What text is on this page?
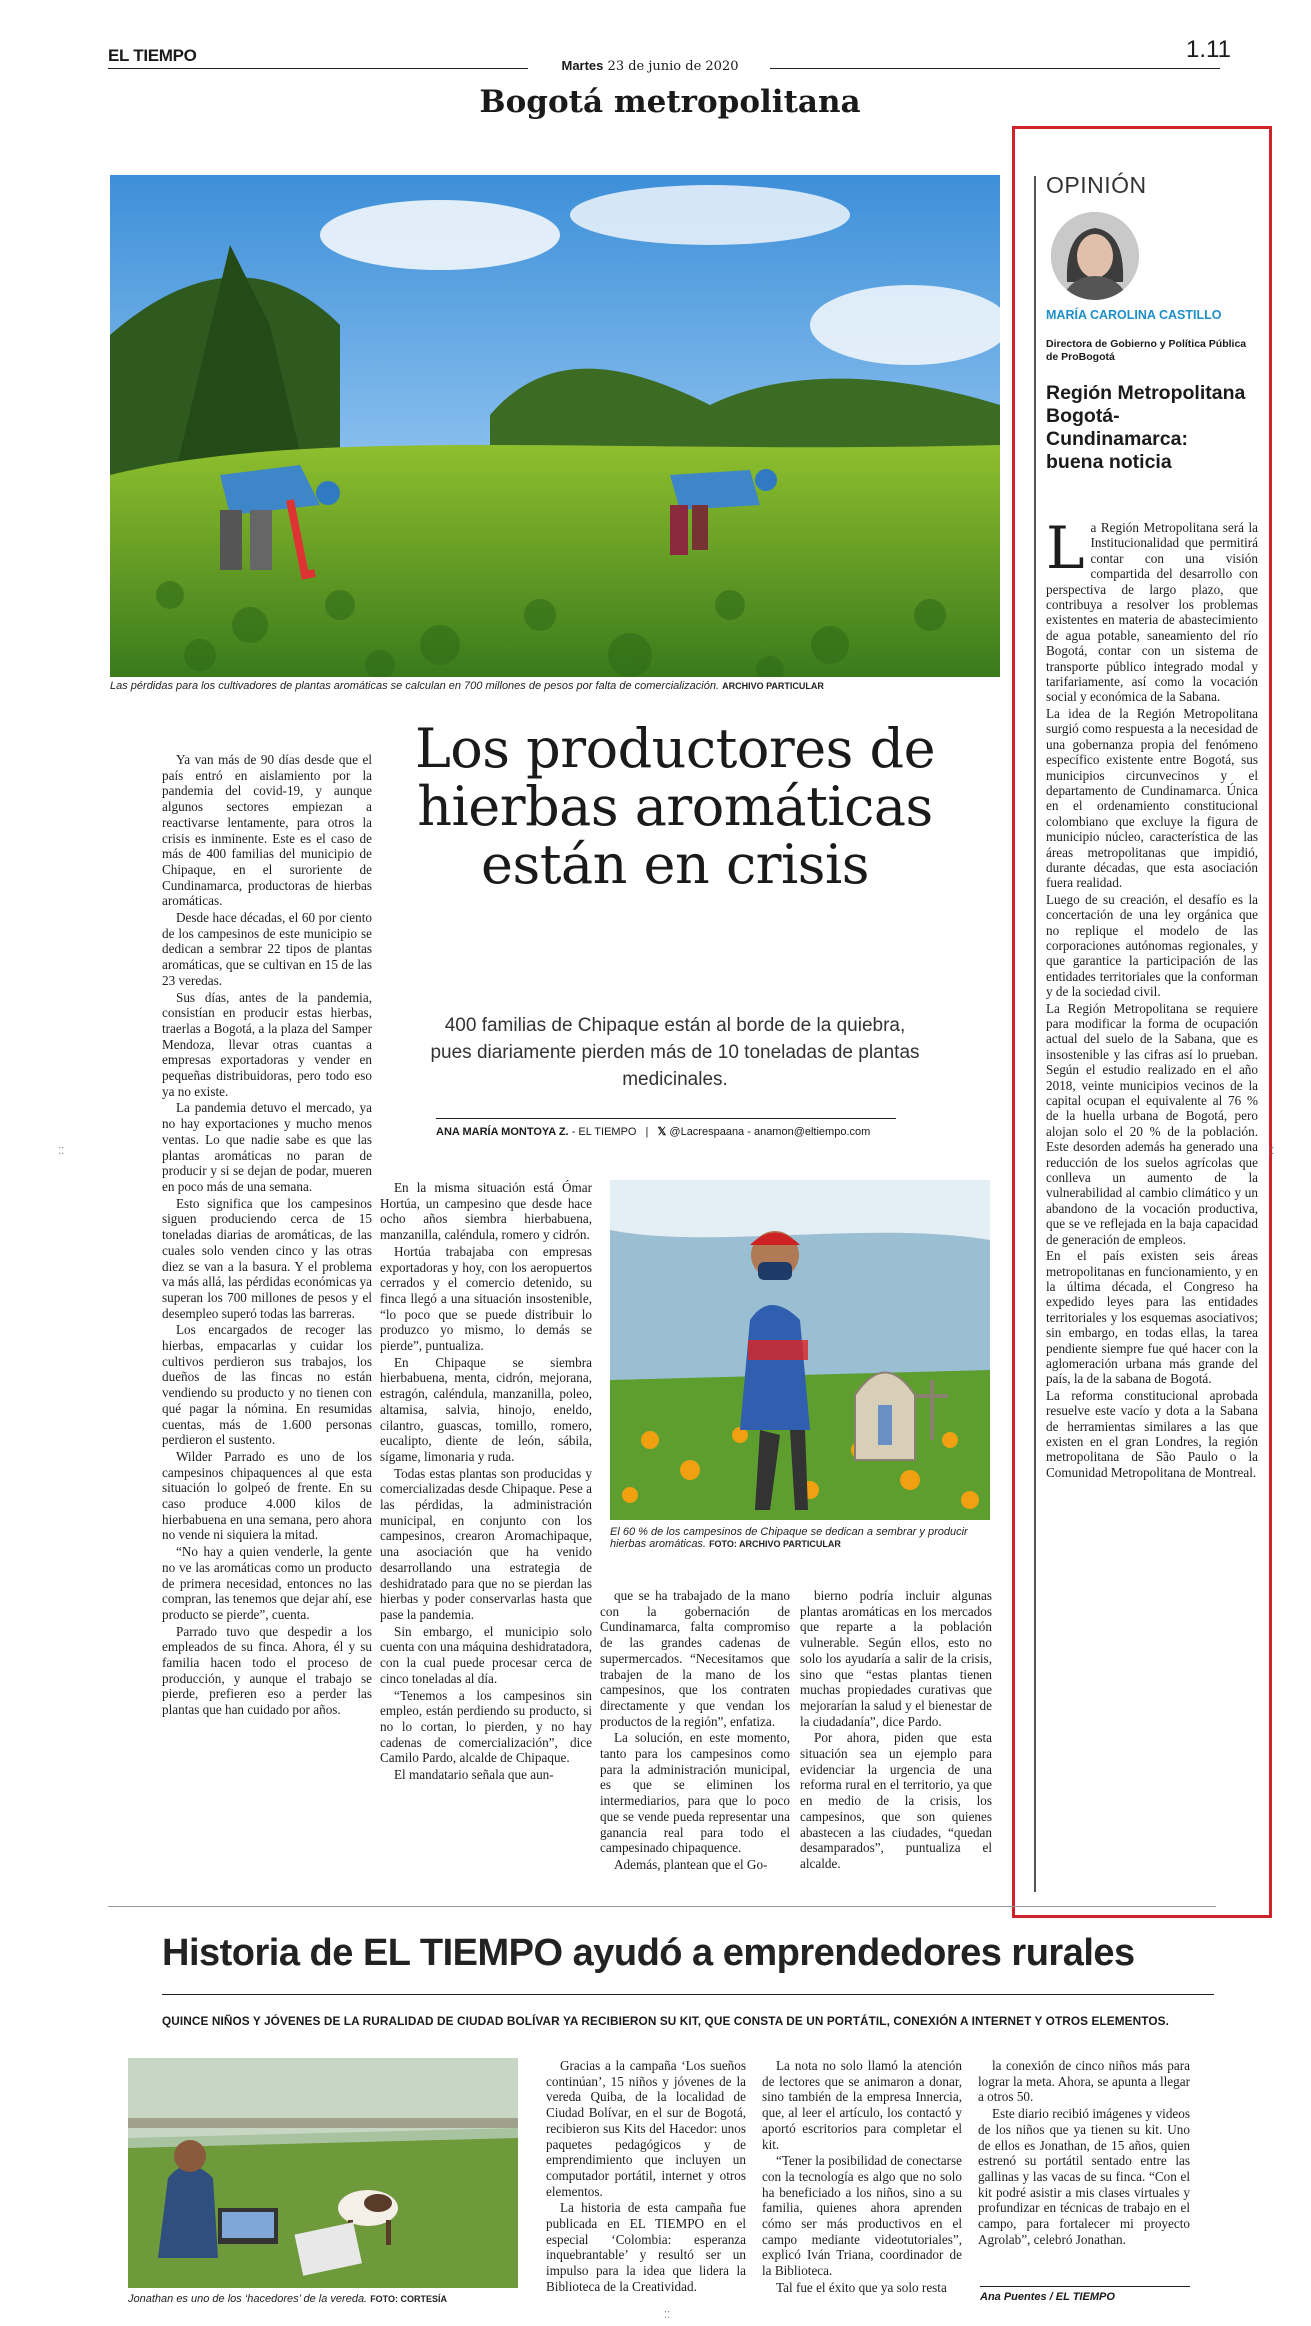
EL TIEMPO
Martes 23 de junio de 2020
1.11
Bogotá metropolitana
Las pérdidas para los cultivadores de plantas aromáticas se calculan en 700 millones de pesos por falta de comercialización. ARCHIVO PARTICULAR
Los productores de hierbas aromáticas están en crisis
400 familias de Chipaque están al borde de la quiebra, pues diariamente pierden más de 10 toneladas de plantas medicinales.
ANA MARÍA MONTOYA Z. - EL TIEMPO | 𝕏 @Lacrespaana - anamon@eltiempo.com
El 60 % de los campesinos de Chipaque se dedican a sembrar y producir hierbas aromáticas. FOTO: ARCHIVO PARTICULAR

Ya van más de 90 días desde que el país entró en aislamiento por la pandemia del covid-19, y aunque algunos sectores empiezan a reactivarse lentamente, para otros la crisis es inminente. Este es el caso de más de 400 familias del municipio de Chipaque, en el suroriente de Cundinamarca, productoras de hierbas aromáticas.

Desde hace décadas, el 60 por ciento de los campesinos de este municipio se dedican a sembrar 22 tipos de plantas aromáticas, que se cultivan en 15 de las 23 veredas.

Sus días, antes de la pandemia, consistían en producir estas hierbas, traerlas a Bogotá, a la plaza del Samper Mendoza, llevar otras cuantas a empresas exportadoras y vender en pequeñas distribuidoras, pero todo eso ya no existe.

La pandemia detuvo el mercado, ya no hay exportaciones y mucho menos ventas. Lo que nadie sabe es que las plantas aromáticas no paran de producir y si se dejan de podar, mueren en poco más de una semana.

Esto significa que los campesinos siguen produciendo cerca de 15 toneladas diarias de aromáticas, de las cuales solo venden cinco y las otras diez se van a la basura. Y el problema va más allá, las pérdidas económicas ya superan los 700 millones de pesos y el desempleo superó todas las barreras.

Los encargados de recoger las hierbas, empacarlas y cuidar los cultivos perdieron sus trabajos, los dueños de las fincas no están vendiendo su producto y no tienen con qué pagar la nómina. En resumidas cuentas, más de 1.600 personas perdieron el sustento.

Wilder Parrado es uno de los campesinos chipaquences al que esta situación lo golpeó de frente. En su caso produce 4.000 kilos de hierbabuena en una semana, pero ahora no vende ni siquiera la mitad.

“No hay a quien venderle, la gente no ve las aromáticas como un producto de primera necesidad, entonces no las compran, las tenemos que dejar ahí, ese producto se pierde”, cuenta.

Parrado tuvo que despedir a los empleados de su finca. Ahora, él y su familia hacen todo el proceso de producción, y aunque el trabajo se pierde, prefieren eso a perder las plantas que han cuidado por años.

En la misma situación está Ómar Hortúa, un campesino que desde hace ocho años siembra hierbabuena, manzanilla, caléndula, romero y cidrón.

Hortúa trabajaba con empresas exportadoras y hoy, con los aeropuertos cerrados y el comercio detenido, su finca llegó a una situación insostenible, “lo poco que se puede distribuir lo produzco yo mismo, lo demás se pierde”, puntualiza.

En Chipaque se siembra hierbabuena, menta, cidrón, mejorana, estragón, caléndula, manzanilla, poleo, altamisa, salvia, hinojo, eneldo, cilantro, guascas, tomillo, romero, eucalipto, diente de león, sábila, sígame, limonaria y ruda.

Todas estas plantas son producidas y comercializadas desde Chipaque. Pese a las pérdidas, la administración municipal, en conjunto con los campesinos, crearon Aromachipaque, una asociación que ha venido desarrollando una estrategia de deshidratado para que no se pierdan las hierbas y poder conservarlas hasta que pase la pandemia.

Sin embargo, el municipio solo cuenta con una máquina deshidratadora, con la cual puede procesar cerca de cinco toneladas al día.

“Tenemos a los campesinos sin empleo, están perdiendo su producto, si no lo cortan, lo pierden, y no hay cadenas de comercialización”, dice Camilo Pardo, alcalde de Chipaque.

El mandatario señala que aun-

que se ha trabajado de la mano con la gobernación de Cundinamarca, falta compromiso de las grandes cadenas de supermercados. “Necesitamos que trabajen de la mano de los campesinos, que los contraten directamente y que vendan los productos de la región”, enfatiza.

La solución, en este momento, tanto para los campesinos como para la administración municipal, es que se eliminen los intermediarios, para que lo poco que se vende pueda representar una ganancia real para todo el campesinado chipaquence.

Además, plantean que el Go-

bierno podría incluir algunas plantas aromáticas en los mercados que reparte a la población vulnerable. Según ellos, esto no solo los ayudaría a salir de la crisis, sino que “estas plantas tienen muchas propiedades curativas que mejorarían la salud y el bienestar de la ciudadanía”, dice Pardo.

Por ahora, piden que esta situación sea un ejemplo para evidenciar la urgencia de una reforma rural en el territorio, ya que en medio de la crisis, los campesinos, que son quienes abastecen a las ciudades, “quedan desamparados”, puntualiza el alcalde.

OPINIÓN
MARÍA CAROLINA CASTILLO
Directora de Gobierno y Política Pública de ProBogotá
Región Metropolitana Bogotá-Cundinamarca: buena noticia

La Región Metropolitana será la Institucionalidad que permitirá contar con una visión compartida del desarrollo con perspectiva de largo plazo, que contribuya a resolver los problemas existentes en materia de abastecimiento de agua potable, saneamiento del río Bogotá, contar con un sistema de transporte público integrado modal y tarifariamente, así como la vocación social y económica de la Sabana.

La idea de la Región Metropolitana surgió como respuesta a la necesidad de una gobernanza propia del fenómeno específico existente entre Bogotá, sus municipios circunvecinos y el departamento de Cundinamarca. Única en el ordenamiento constitucional colombiano que excluye la figura de municipio núcleo, característica de las áreas metropolitanas que impidió, durante décadas, que esta asociación fuera realidad.

Luego de su creación, el desafío es la concertación de una ley orgánica que no replique el modelo de las corporaciones autónomas regionales, y que garantice la participación de las entidades territoriales que la conforman y de la sociedad civil.

La Región Metropolitana se requiere para modificar la forma de ocupación actual del suelo de la Sabana, que es insostenible y las cifras así lo prueban. Según el estudio realizado en el año 2018, veinte municipios vecinos de la capital ocupan el equivalente al 76 % de la huella urbana de Bogotá, pero alojan solo el 20 % de la población. Este desorden además ha generado una reducción de los suelos agrícolas que conlleva un aumento de la vulnerabilidad al cambio climático y un abandono de la vocación productiva, que se ve reflejada en la baja capacidad de generación de empleos.

En el país existen seis áreas metropolitanas en funcionamiento, y en la última década, el Congreso ha expedido leyes para las entidades territoriales y los esquemas asociativos; sin embargo, en todas ellas, la tarea pendiente siempre fue qué hacer con la aglomeración urbana más grande del país, la de la sabana de Bogotá.

La reforma constitucional aprobada resuelve este vacío y dota a la Sabana de herramientas similares a las que existen en el gran Londres, la región metropolitana de São Paulo o la Comunidad Metropolitana de Montreal.

Historia de EL TIEMPO ayudó a emprendedores rurales
QUINCE NIÑOS Y JÓVENES DE LA RURALIDAD DE CIUDAD BOLÍVAR YA RECIBIERON SU KIT, QUE CONSTA DE UN PORTÁTIL, CONEXIÓN A INTERNET Y OTROS ELEMENTOS.
Jonathan es uno de los ‘hacedores’ de la vereda. FOTO: CORTESÍA

Gracias a la campaña ‘Los sueños continúan’, 15 niños y jóvenes de la vereda Quiba, de la localidad de Ciudad Bolívar, en el sur de Bogotá, recibieron sus Kits del Hacedor: unos paquetes pedagógicos y de emprendimiento que incluyen un computador portátil, internet y otros elementos.

La historia de esta campaña fue publicada en EL TIEMPO en el especial ‘Colombia: esperanza inquebrantable’ y resultó ser un impulso para la idea que lidera la Biblioteca de la Creatividad.

La nota no solo llamó la atención de lectores que se animaron a donar, sino también de la empresa Innercia, que, al leer el artículo, los contactó y aportó escritorios para completar el kit.

“Tener la posibilidad de conectarse con la tecnología es algo que no solo ha beneficiado a los niños, sino a su familia, quienes ahora aprenden cómo ser más productivos en el campo mediante videotutoriales”, explicó Iván Triana, coordinador de la Biblioteca.

Tal fue el éxito que ya solo resta

la conexión de cinco niños más para lograr la meta. Ahora, se apunta a llegar a otros 50.

Este diario recibió imágenes y videos de los niños que ya tienen su kit. Uno de ellos es Jonathan, de 15 años, quien estrenó su portátil sentado entre las gallinas y las vacas de su finca. “Con el kit podré asistir a mis clases virtuales y profundizar en técnicas de trabajo en el campo, para fortalecer mi proyecto Agrolab”, celebró Jonathan.

Ana Puentes / EL TIEMPO
⁚⁚	⁚⁚
⁚⁚
